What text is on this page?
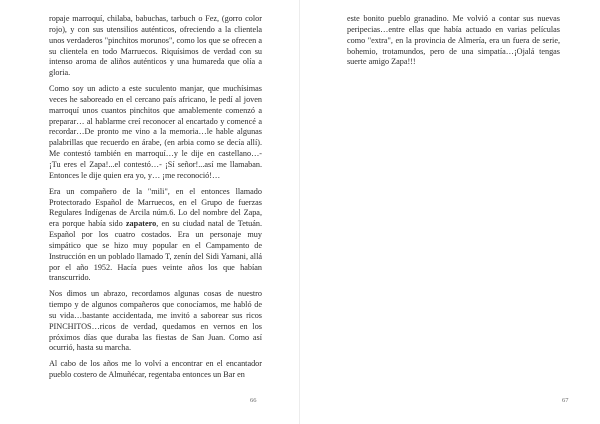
ropaje marroquí, chilaba, babuchas, tarbuch o Fez, (gorro color rojo), y con sus utensilios auténticos, ofreciendo a la clientela unos verdaderos "pinchitos morunos", como los que se ofrecen a su clientela en todo Marruecos. Riquísimos de verdad con su intenso aroma de aliños auténticos y una humareda que olía a gloria.

Como soy un adicto a este suculento manjar, que muchísimas veces he saboreado en el cercano país africano, le pedí al joven marroquí unos cuantos pinchitos que amablemente comenzó a preparar… al hablarme creí reconocer al encartado y comencé a recordar…De pronto me vino a la memoria…le hable algunas palabrillas que recuerdo en árabe, (en arbia como se decía allí). Me contestó también en marroquí…y le dije en castellano…- ¡Tu eres el Zapa!...el contestó…- ¡Sí señor!...así me llamaban. Entonces le dije quien era yo, y… ¡me reconoció!…

Era un compañero de la "mili", en el entonces llamado Protectorado Español de Marruecos, en el Grupo de fuerzas Regulares Indígenas de Arcila núm.6. Lo del nombre del Zapa, era porque había sido zapatero, en su ciudad natal de Tetuán. Español por los cuatro costados. Era un personaje muy simpático que se hizo muy popular en el Campamento de Instrucción en un poblado llamado T, zenín del Sidi Yamani, allá por el año 1952. Hacía pues veinte años los que habían transcurrido.

Nos dimos un abrazo, recordamos algunas cosas de nuestro tiempo y de algunos compañeros que conocíamos, me habló de su vida…bastante accidentada, me invitó a saborear sus ricos PINCHITOS…ricos de verdad, quedamos en vernos en los próximos días que duraba las fiestas de San Juan. Como así ocurrió, hasta su marcha.

Al cabo de los años me lo volví a encontrar en el encantador pueblo costero de Almuñécar, regentaba entonces un Bar en

66

este bonito pueblo granadino. Me volvió a contar sus nuevas peripecias…entre ellas que había actuado en varias películas como "extra", en la provincia de Almería, era un fuera de serie, bohemio, trotamundos, pero de una simpatía…¡Ojalá tengas suerte amigo Zapa!!!

67
